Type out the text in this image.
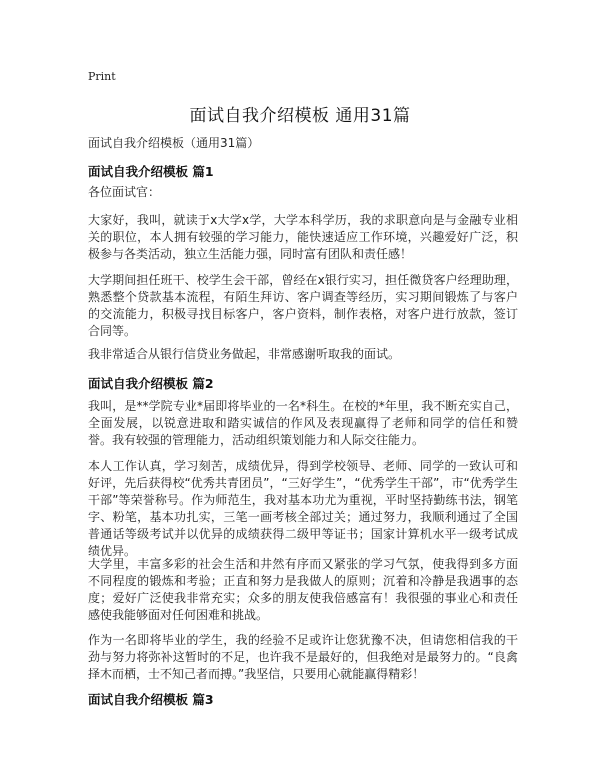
Print
面试自我介绍模板 通用31篇
面试自我介绍模板（通用31篇）
面试自我介绍模板 篇1
各位面试官：
大家好，我叫，就读于x大学x学，大学本科学历，我的求职意向是与金融专业相关的职位，本人拥有较强的学习能力，能快速适应工作环境，兴趣爱好广泛，积极参与各类活动，独立生活能力强，同时富有团队和责任感！
大学期间担任班干、校学生会干部，曾经在x银行实习，担任微贷客户经理助理，熟悉整个贷款基本流程，有陌生拜访、客户调查等经历，实习期间锻炼了与客户的交流能力，积极寻找目标客户，客户资料，制作表格，对客户进行放款，签订合同等。
我非常适合从银行信贷业务做起，非常感谢听取我的面试。
面试自我介绍模板 篇2
我叫，是**学院专业*届即将毕业的一名*科生。在校的*年里，我不断充实自己，全面发展，以锐意进取和踏实诚信的作风及表现赢得了老师和同学的信任和赞誉。我有较强的管理能力，活动组织策划能力和人际交往能力。
本人工作认真，学习刻苦，成绩优异，得到学校领导、老师、同学的一致认可和好评，先后获得校“优秀共青团员”，“三好学生”，“优秀学生干部”，市“优秀学生干部”等荣誉称号。作为师范生，我对基本功尤为重视，平时坚持勤练书法，钢笔字、粉笔，基本功扎实，三笔一画考核全部过关；通过努力，我顺利通过了全国普通话等级考试并以优异的成绩获得二级甲等证书；国家计算机水平一级考试成绩优异。
大学里，丰富多彩的社会生活和井然有序而又紧张的学习气氛，使我得到多方面不同程度的锻炼和考验；正直和努力是我做人的原则；沉着和冷静是我遇事的态度；爱好广泛使我非常充实；众多的朋友使我倍感富有！我很强的事业心和责任感使我能够面对任何困难和挑战。
作为一名即将毕业的学生，我的经验不足或许让您犹豫不决，但请您相信我的干劲与努力将弥补这暂时的不足，也许我不是最好的，但我绝对是最努力的。“良禽择木而栖，士不知己者而搏。”我坚信，只要用心就能赢得精彩！
面试自我介绍模板 篇3
